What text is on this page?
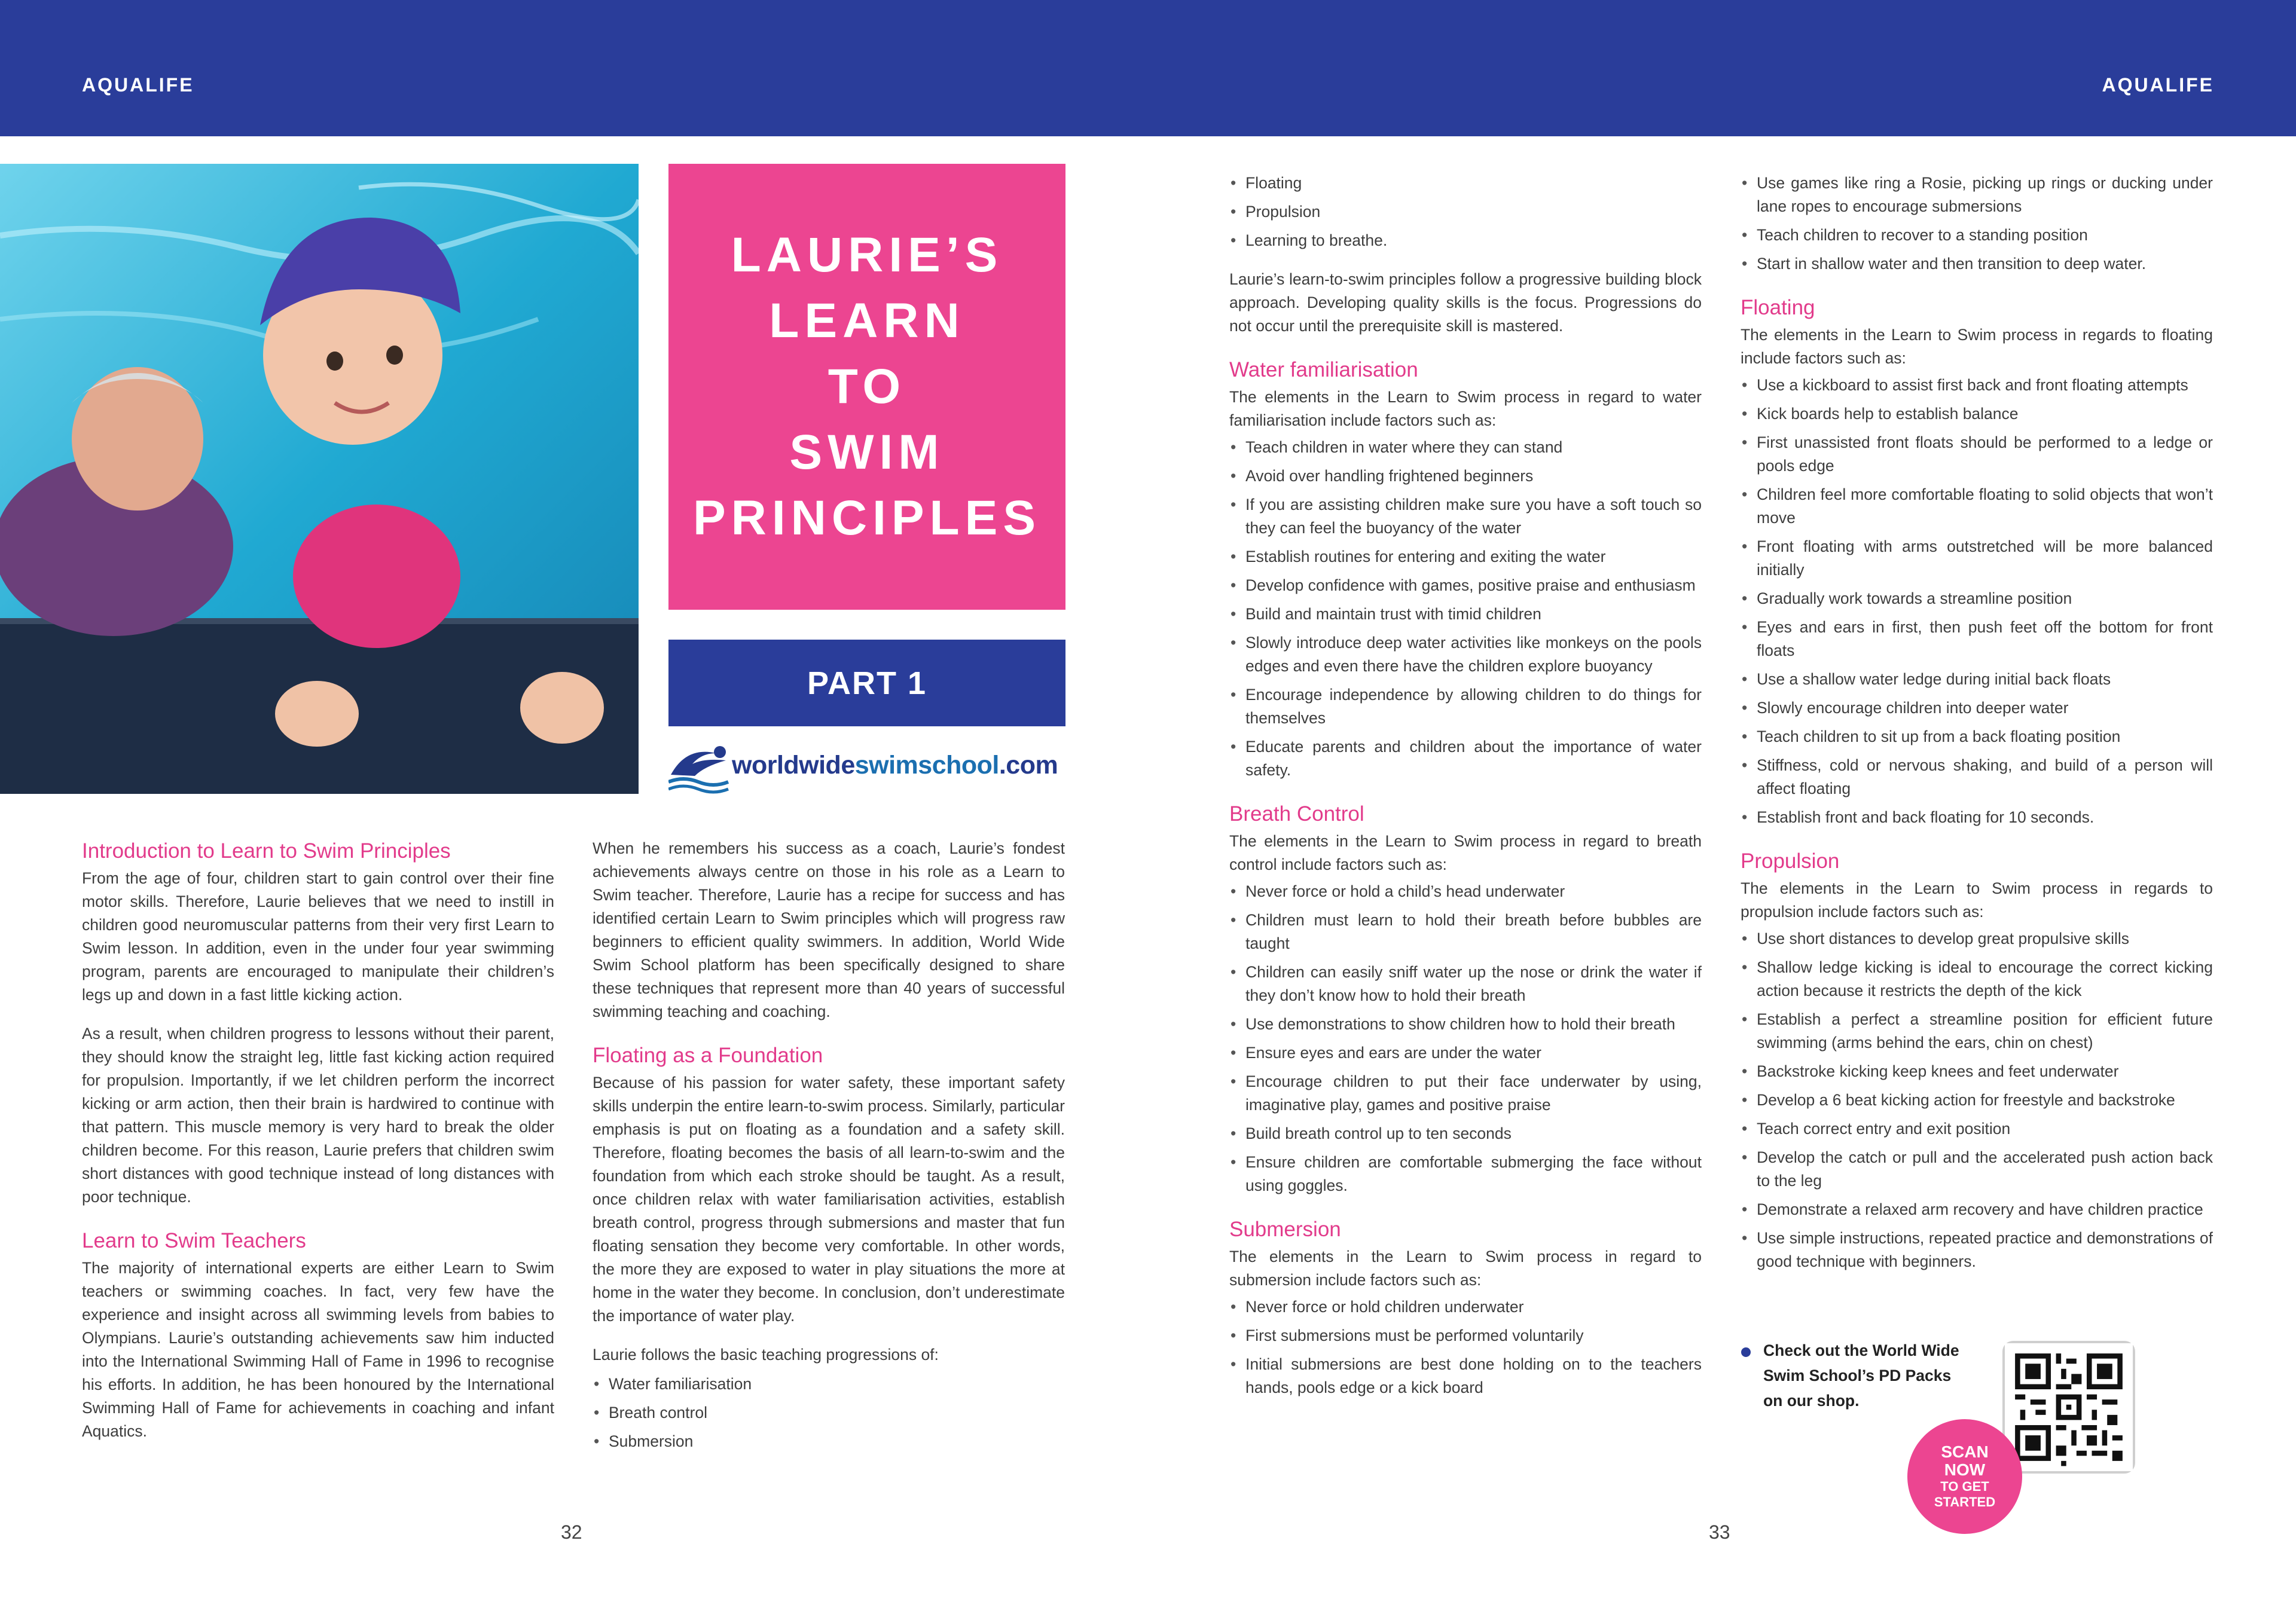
AQUALIFE	AQUALIFE
LAURIE’S
LEARN
TO
SWIM
PRINCIPLES
PART 1
worldwideswimschool.com
Introduction to Learn to Swim Principles

From the age of four, children start to gain control over their fine motor skills. Therefore, Laurie believes that we need to instill in children good neuromuscular patterns from their very first Learn to Swim lesson. In addition, even in the under four year swimming program, parents are encouraged to manipulate their children’s legs up and down in a fast little kicking action.

As a result, when children progress to lessons without their parent, they should know the straight leg, little fast kicking action required for propulsion. Importantly, if we let children perform the incorrect kicking or arm action, then their brain is hardwired to continue with that pattern. This muscle memory is very hard to break the older children become. For this reason, Laurie prefers that children swim short distances with good technique instead of long distances with poor technique.

Learn to Swim Teachers

The majority of international experts are either Learn to Swim teachers or swimming coaches. In fact, very few have the experience and insight across all swimming levels from babies to Olympians. Laurie’s outstanding achievements saw him inducted into the International Swimming Hall of Fame in 1996 to recognise his efforts. In addition, he has been honoured by the International Swimming Hall of Fame for achievements in coaching and infant Aquatics.

When he remembers his success as a coach, Laurie’s fondest achievements always centre on those in his role as a Learn to Swim teacher. Therefore, Laurie has a recipe for success and has identified certain Learn to Swim principles which will progress raw beginners to efficient quality swimmers. In addition, World Wide Swim School platform has been specifically designed to share these techniques that represent more than 40 years of successful swimming teaching and coaching.

Floating as a Foundation

Because of his passion for water safety, these important safety skills underpin the entire learn-to-swim process. Similarly, particular emphasis is put on floating as a foundation and a safety skill. Therefore, floating becomes the basis of all learn-to-swim and the foundation from which each stroke should be taught. As a result, once children relax with water familiarisation activities, establish breath control, progress through submersions and master that fun floating sensation they become very comfortable. In other words, the more they are exposed to water in play situations the more at home in the water they become. In conclusion, don’t underestimate the importance of water play.

Laurie follows the basic teaching progressions of:

• Water familiarisation
• Breath control
• Submersion
• Floating
• Propulsion
• Learning to breathe.

Laurie’s learn-to-swim principles follow a progressive building block approach. Developing quality skills is the focus. Progressions do not occur until the prerequisite skill is mastered.

Water familiarisation

The elements in the Learn to Swim process in regard to water familiarisation include factors such as:

• Teach children in water where they can stand
• Avoid over handling frightened beginners
• If you are assisting children make sure you have a soft touch so they can feel the buoyancy of the water
• Establish routines for entering and exiting the water
• Develop confidence with games, positive praise and enthusiasm
• Build and maintain trust with timid children
• Slowly introduce deep water activities like monkeys on the pools edges and even there have the children explore buoyancy
• Encourage independence by allowing children to do things for themselves
• Educate parents and children about the importance of water safety.
Breath Control

The elements in the Learn to Swim process in regard to breath control include factors such as:

• Never force or hold a child’s head underwater
• Children must learn to hold their breath before bubbles are taught
• Children can easily sniff water up the nose or drink the water if they don’t know how to hold their breath
• Use demonstrations to show children how to hold their breath
• Ensure eyes and ears are under the water
• Encourage children to put their face underwater by using, imaginative play, games and positive praise
• Build breath control up to ten seconds
• Ensure children are comfortable submerging the face without using goggles.
Submersion

The elements in the Learn to Swim process in regard to submersion include factors such as:

• Never force or hold children underwater
• First submersions must be performed voluntarily
• Initial submersions are best done holding on to the teachers hands, pools edge or a kick board
• Use games like ring a Rosie, picking up rings or ducking under lane ropes to encourage submersions
• Teach children to recover to a standing position
• Start in shallow water and then transition to deep water.
Floating

The elements in the Learn to Swim process in regards to floating include factors such as:

• Use a kickboard to assist first back and front floating attempts
• Kick boards help to establish balance
• First unassisted front floats should be performed to a ledge or pools edge
• Children feel more comfortable floating to solid objects that won’t move
• Front floating with arms outstretched will be more balanced initially
• Gradually work towards a streamline position
• Eyes and ears in first, then push feet off the bottom for front floats
• Use a shallow water ledge during initial back floats
• Slowly encourage children into deeper water
• Teach children to sit up from a back floating position
• Stiffness, cold or nervous shaking, and build of a person will affect floating
• Establish front and back floating for 10 seconds.
Propulsion

The elements in the Learn to Swim process in regards to propulsion include factors such as:

• Use short distances to develop great propulsive skills
• Shallow ledge kicking is ideal to encourage the correct kicking action because it restricts the depth of the kick
• Establish a perfect a streamline position for efficient future swimming (arms behind the ears, chin on chest)
• Backstroke kicking keep knees and feet underwater
• Develop a 6 beat kicking action for freestyle and backstroke
• Teach correct entry and exit position
• Develop the catch or pull and the accelerated push action back to the leg
• Demonstrate a relaxed arm recovery and have children practice
• Use simple instructions, repeated practice and demonstrations of good technique with beginners.
Check out the World Wide
Swim School’s PD Packs
on our shop.
SCAN
NOW
TO GET
STARTED
32	33
